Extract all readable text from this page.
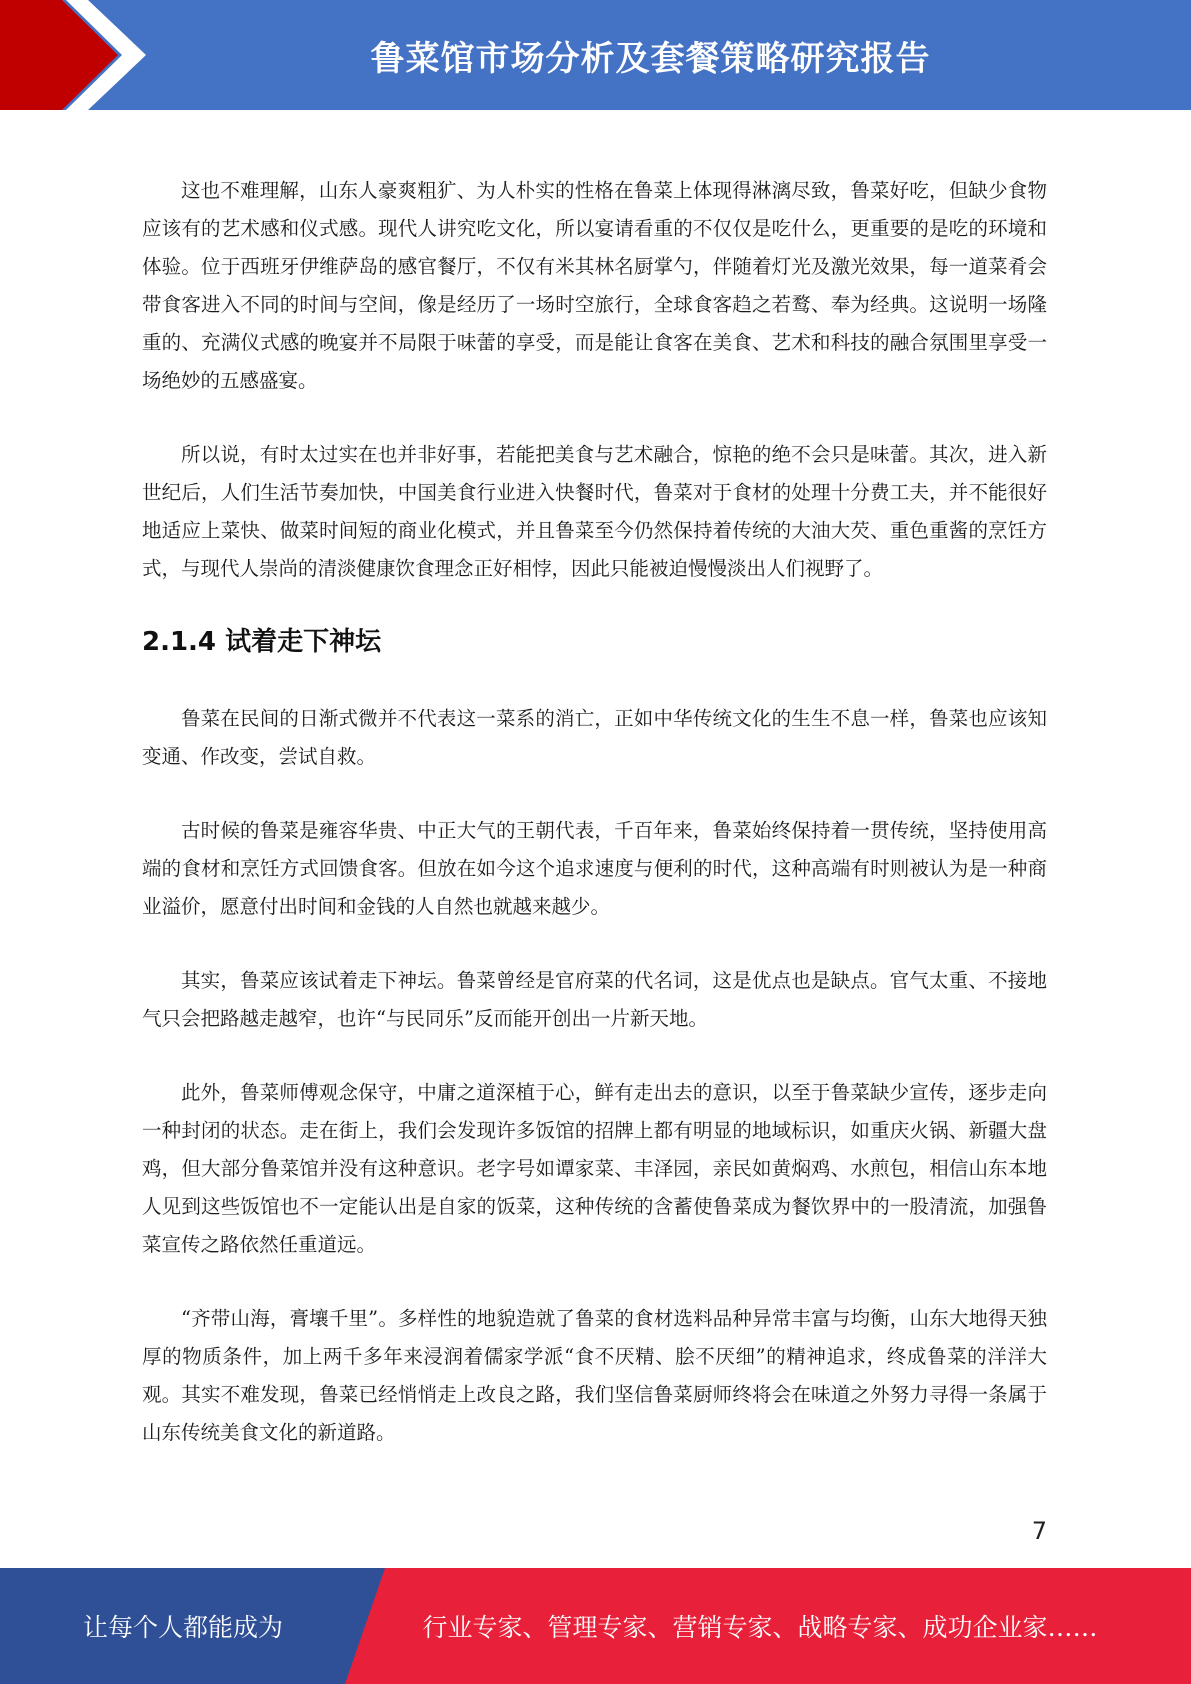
鲁菜馆市场分析及套餐策略研究报告

这也不难理解，山东人豪爽粗犷、为人朴实的性格在鲁菜上体现得淋漓尽致，鲁菜好吃，但缺少食物应该有的艺术感和仪式感。现代人讲究吃文化，所以宴请看重的不仅仅是吃什么，更重要的是吃的环境和体验。位于西班牙伊维萨岛的感官餐厅，不仅有米其林名厨掌勺，伴随着灯光及激光效果，每一道菜肴会带食客进入不同的时间与空间，像是经历了一场时空旅行，全球食客趋之若鹜、奉为经典。这说明一场隆重的、充满仪式感的晚宴并不局限于味蕾的享受，而是能让食客在美食、艺术和科技的融合氛围里享受一场绝妙的五感盛宴。

所以说，有时太过实在也并非好事，若能把美食与艺术融合，惊艳的绝不会只是味蕾。其次，进入新世纪后，人们生活节奏加快，中国美食行业进入快餐时代，鲁菜对于食材的处理十分费工夫，并不能很好地适应上菜快、做菜时间短的商业化模式，并且鲁菜至今仍然保持着传统的大油大芡、重色重酱的烹饪方式，与现代人崇尚的清淡健康饮食理念正好相悖，因此只能被迫慢慢淡出人们视野了。

2.1.4 试着走下神坛

鲁菜在民间的日渐式微并不代表这一菜系的消亡，正如中华传统文化的生生不息一样，鲁菜也应该知变通、作改变，尝试自救。

古时候的鲁菜是雍容华贵、中正大气的王朝代表，千百年来，鲁菜始终保持着一贯传统，坚持使用高端的食材和烹饪方式回馈食客。但放在如今这个追求速度与便利的时代，这种高端有时则被认为是一种商业溢价，愿意付出时间和金钱的人自然也就越来越少。

其实，鲁菜应该试着走下神坛。鲁菜曾经是官府菜的代名词，这是优点也是缺点。官气太重、不接地气只会把路越走越窄，也许“与民同乐”反而能开创出一片新天地。

此外，鲁菜师傅观念保守，中庸之道深植于心，鲜有走出去的意识，以至于鲁菜缺少宣传，逐步走向一种封闭的状态。走在街上，我们会发现许多饭馆的招牌上都有明显的地域标识，如重庆火锅、新疆大盘鸡，但大部分鲁菜馆并没有这种意识。老字号如谭家菜、丰泽园，亲民如黄焖鸡、水煎包，相信山东本地人见到这些饭馆也不一定能认出是自家的饭菜，这种传统的含蓄使鲁菜成为餐饮界中的一股清流，加强鲁菜宣传之路依然任重道远。

“齐带山海，膏壤千里”。多样性的地貌造就了鲁菜的食材选料品种异常丰富与均衡，山东大地得天独厚的物质条件，加上两千多年来浸润着儒家学派“食不厌精、脍不厌细”的精神追求，终成鲁菜的洋洋大观。其实不难发现，鲁菜已经悄悄走上改良之路，我们坚信鲁菜厨师终将会在味道之外努力寻得一条属于山东传统美食文化的新道路。

7
让每个人都能成为	行业专家、管理专家、营销专家、战略专家、成功企业家……
